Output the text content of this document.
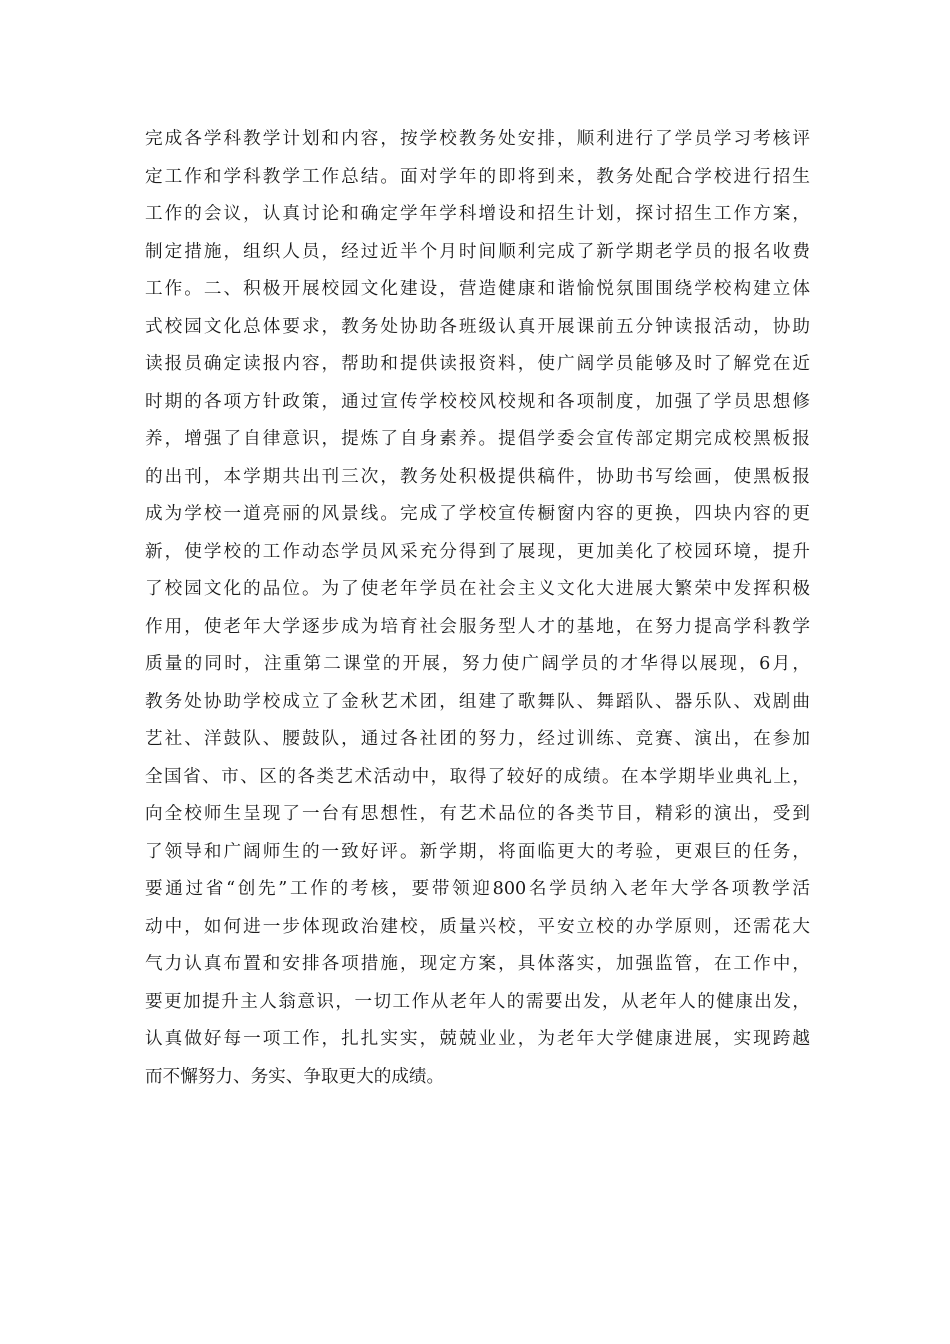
完成各学科教学计划和内容，按学校教务处安排，顺利进行了学员学习考核评
定工作和学科教学工作总结。面对学年的即将到来，教务处配合学校进行招生
工作的会议，认真讨论和确定学年学科增设和招生计划，探讨招生工作方案，
制定措施，组织人员，经过近半个月时间顺利完成了新学期老学员的报名收费
工作。二、积极开展校园文化建设，营造健康和谐愉悦氛围围绕学校构建立体
式校园文化总体要求，教务处协助各班级认真开展课前五分钟读报活动，协助
读报员确定读报内容，帮助和提供读报资料，使广阔学员能够及时了解党在近
时期的各项方针政策，通过宣传学校校风校规和各项制度，加强了学员思想修
养，增强了自律意识，提炼了自身素养。提倡学委会宣传部定期完成校黑板报
的出刊，本学期共出刊三次，教务处积极提供稿件，协助书写绘画，使黑板报
成为学校一道亮丽的风景线。完成了学校宣传橱窗内容的更换，四块内容的更
新，使学校的工作动态学员风采充分得到了展现，更加美化了校园环境，提升
了校园文化的品位。为了使老年学员在社会主义文化大进展大繁荣中发挥积极
作用，使老年大学逐步成为培育社会服务型人才的基地，在努力提高学科教学
质量的同时，注重第二课堂的开展，努力使广阔学员的才华得以展现，6月，
教务处协助学校成立了金秋艺术团，组建了歌舞队、舞蹈队、器乐队、戏剧曲
艺社、洋鼓队、腰鼓队，通过各社团的努力，经过训练、竞赛、演出，在参加
全国省、市、区的各类艺术活动中，取得了较好的成绩。在本学期毕业典礼上，
向全校师生呈现了一台有思想性，有艺术品位的各类节目，精彩的演出，受到
了领导和广阔师生的一致好评。新学期，将面临更大的考验，更艰巨的任务，
要通过省“创先”工作的考核，要带领迎800名学员纳入老年大学各项教学活
动中，如何进一步体现政治建校，质量兴校，平安立校的办学原则，还需花大
气力认真布置和安排各项措施，现定方案，具体落实，加强监管，在工作中，
要更加提升主人翁意识，一切工作从老年人的需要出发，从老年人的健康出发，
认真做好每一项工作，扎扎实实，兢兢业业，为老年大学健康进展，实现跨越
而不懈努力、务实、争取更大的成绩。
